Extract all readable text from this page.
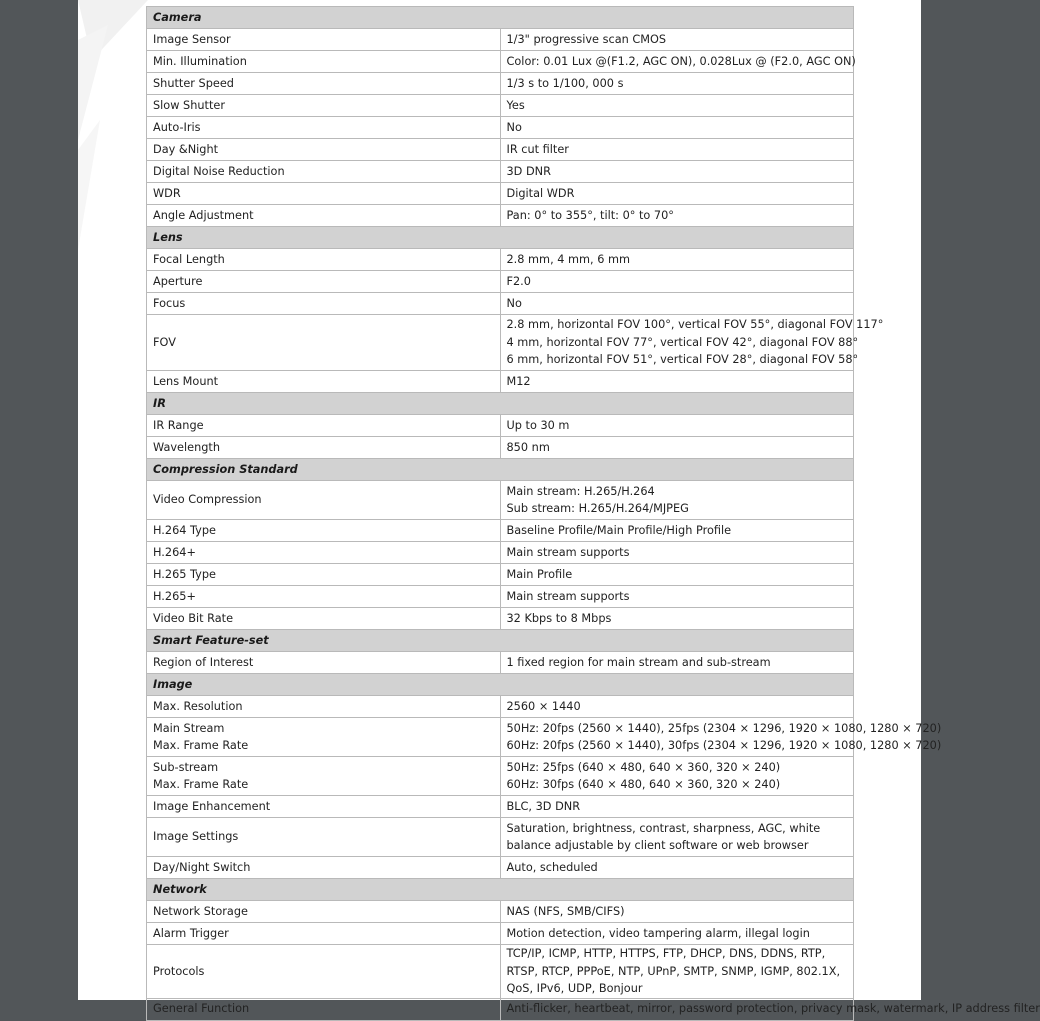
Camera	

Image Sensor	1/3" progressive scan CMOS

Min. Illumination	Color: 0.01 Lux @(F1.2, AGC ON), 0.028Lux @ (F2.0, AGC ON)

Shutter Speed	1/3 s to 1/100, 000 s

Slow Shutter	Yes

Auto-Iris	No

Day &Night	IR cut filter

Digital Noise Reduction	3D DNR

WDR	Digital WDR

Angle Adjustment	Pan: 0° to 355°, tilt: 0° to 70°

Lens	

Focal Length	2.8 mm, 4 mm, 6 mm

Aperture	F2.0

Focus	No

FOV	2.8 mm, horizontal FOV 100°, vertical FOV 55°, diagonal FOV 117°
4 mm, horizontal FOV 77°, vertical FOV 42°, diagonal FOV 88°
6 mm, horizontal FOV 51°, vertical FOV 28°, diagonal FOV 58°

Lens Mount	M12

IR	

IR Range	Up to 30 m

Wavelength	850 nm

Compression Standard	

Video Compression	Main stream: H.265/H.264
Sub stream: H.265/H.264/MJPEG

H.264 Type	Baseline Profile/Main Profile/High Profile

H.264+	Main stream supports

H.265 Type	Main Profile

H.265+	Main stream supports

Video Bit Rate	32 Kbps to 8 Mbps

Smart Feature-set	

Region of Interest	1 fixed region for main stream and sub-stream

Image	

Max. Resolution	2560 × 1440

Main Stream
Max. Frame Rate	50Hz: 20fps (2560 × 1440), 25fps (2304 × 1296, 1920 × 1080, 1280 × 720)
60Hz: 20fps (2560 × 1440), 30fps (2304 × 1296, 1920 × 1080, 1280 × 720)

Sub-stream
Max. Frame Rate	50Hz: 25fps (640 × 480, 640 × 360, 320 × 240)
60Hz: 30fps (640 × 480, 640 × 360, 320 × 240)

Image Enhancement	BLC, 3D DNR

Image Settings	Saturation, brightness, contrast, sharpness, AGC, white balance adjustable by client software or web browser

Day/Night Switch	Auto, scheduled

Network	

Network Storage	NAS (NFS, SMB/CIFS)

Alarm Trigger	Motion detection, video tampering alarm, illegal login

Protocols	TCP/IP, ICMP, HTTP, HTTPS, FTP, DHCP, DNS, DDNS, RTP, RTSP, RTCP, PPPoE, NTP, UPnP, SMTP, SNMP, IGMP, 802.1X, QoS, IPv6, UDP, Bonjour

General Function	Anti-flicker, heartbeat, mirror, password protection, privacy mask, watermark, IP address filter
